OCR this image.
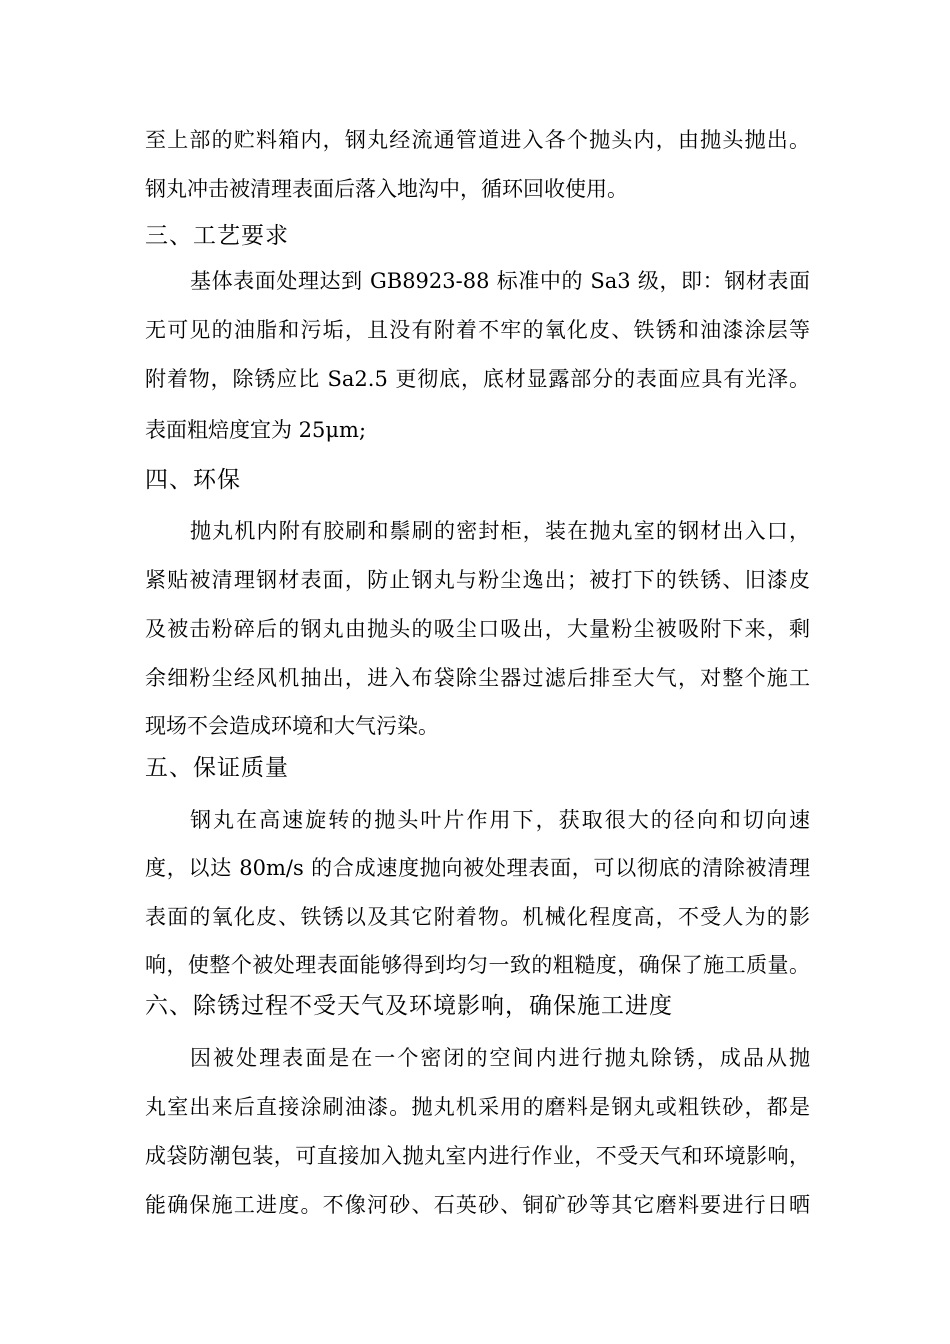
至上部的贮料箱内，钢丸经流通管道进入各个抛头内，由抛头抛出。
钢丸冲击被清理表面后落入地沟中，循环回收使用。
三、工艺要求
基体表面处理达到 GB8923-88 标准中的 Sa3 级，即：钢材表面
无可见的油脂和污垢，且没有附着不牢的氧化皮、铁锈和油漆涂层等
附着物，除锈应比 Sa2.5 更彻底，底材显露部分的表面应具有光泽。
表面粗焙度宜为 25μm;
四、环保
抛丸机内附有胶刷和鬃刷的密封柜，装在抛丸室的钢材出入口，
紧贴被清理钢材表面，防止钢丸与粉尘逸出；被打下的铁锈、旧漆皮
及被击粉碎后的钢丸由抛头的吸尘口吸出，大量粉尘被吸附下来，剩
余细粉尘经风机抽出，进入布袋除尘器过滤后排至大气，对整个施工
现场不会造成环境和大气污染。
五、保证质量
钢丸在高速旋转的抛头叶片作用下，获取很大的径向和切向速
度，以达 80m/s 的合成速度抛向被处理表面，可以彻底的清除被清理
表面的氧化皮、铁锈以及其它附着物。机械化程度高，不受人为的影
响，使整个被处理表面能够得到均匀一致的粗糙度，确保了施工质量。
六、除锈过程不受天气及环境影响，确保施工进度
因被处理表面是在一个密闭的空间内进行抛丸除锈，成品从抛
丸室出来后直接涂刷油漆。抛丸机采用的磨料是钢丸或粗铁砂，都是
成袋防潮包装，可直接加入抛丸室内进行作业，不受天气和环境影响，
能确保施工进度。不像河砂、石英砂、铜矿砂等其它磨料要进行日晒
